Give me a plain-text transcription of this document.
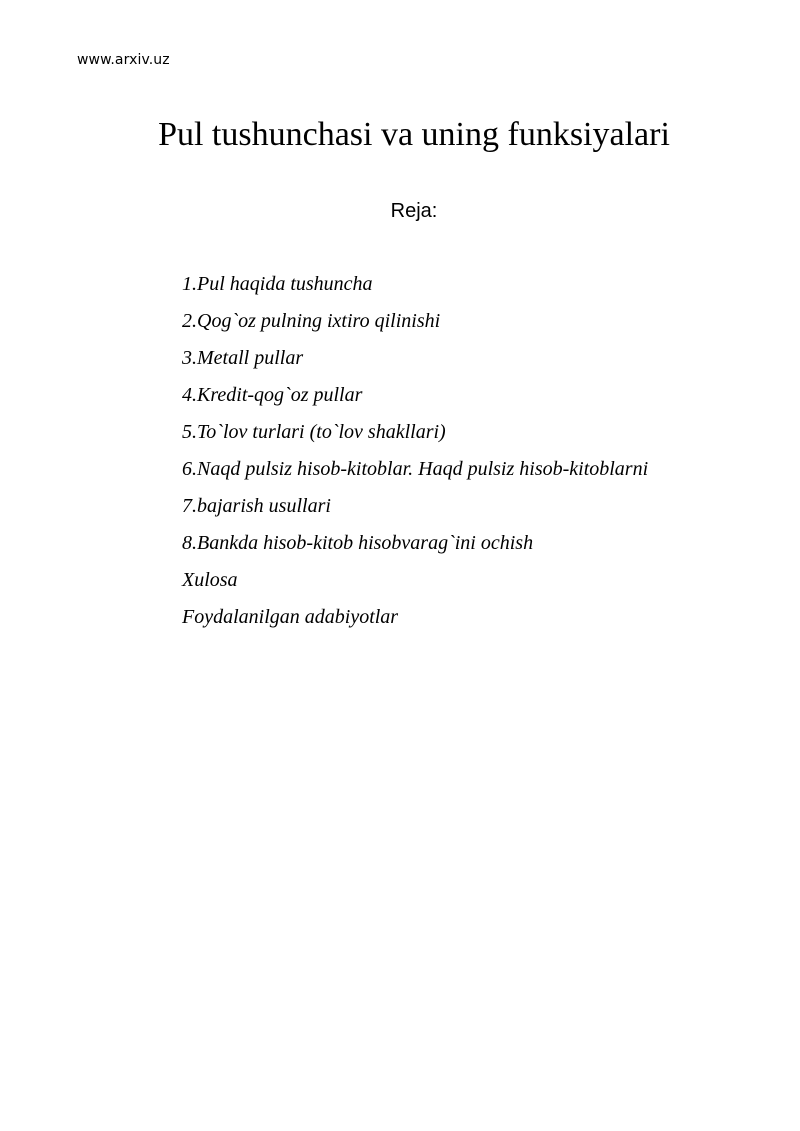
www.arxiv.uz
Pul tushunchasi va uning funksiyalari
Reja:
1.Pul haqida tushuncha
2.Qog`oz pulning ixtiro qilinishi
3.Metall pullar
4.Kredit-qog`oz pullar
5.To`lov turlari (to`lov shakllari)
6.Naqd pulsiz hisob-kitoblar. Haqd pulsiz hisob-kitoblarni
7.bajarish usullari
8.Bankda hisob-kitob hisobvarag`ini ochish
Xulosa
Foydalanilgan adabiyotlar
